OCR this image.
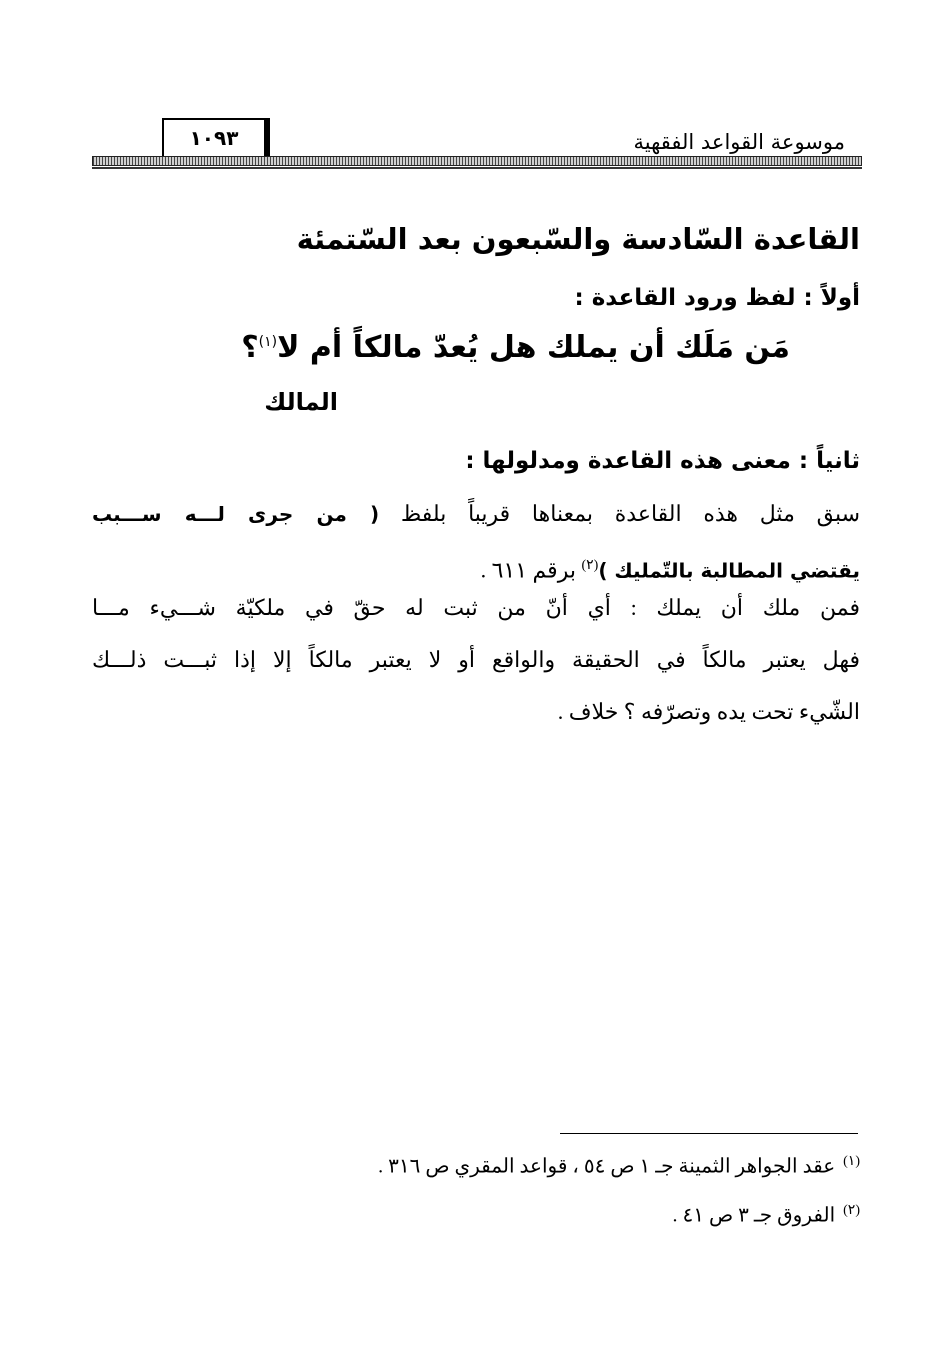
موسوعة القواعد الفقهية
١٠٩٣
القاعدة السّادسة والسّبعون بعد السّتمئة
أولاً : لفظ ورود القاعدة :
مَن مَلَك أن يملك هل يُعدّ مالكاً أم لا$^{(١)}$؟
المالك
ثانياً : معنى هذه القاعدة ومدلولها :
سبق مثل هذه القاعدة بمعناها قريباً بلفظ ( من جرى لـــه ســـبب
يقتضي المطالبة بالتّمليك )$^{(٢)}$ برقم ٦١١ .
فمن ملك أن يملك : أي أنّ من ثبت له حقّ في ملكيّة شـــيء مـــا
فهل يعتبر مالكاً في الحقيقة والواقع أو لا يعتبر مالكاً إلا إذا ثبـــت ذلـــك
الشّيء تحت يده وتصرّفه ؟ خلاف .
$^{(١)}$عقد الجواهر الثمينة جـ ١ ص ٥٤ ، قواعد المقري ص ٣١٦ .
$^{(٢)}$الفروق جـ ٣ ص ٤١ .
